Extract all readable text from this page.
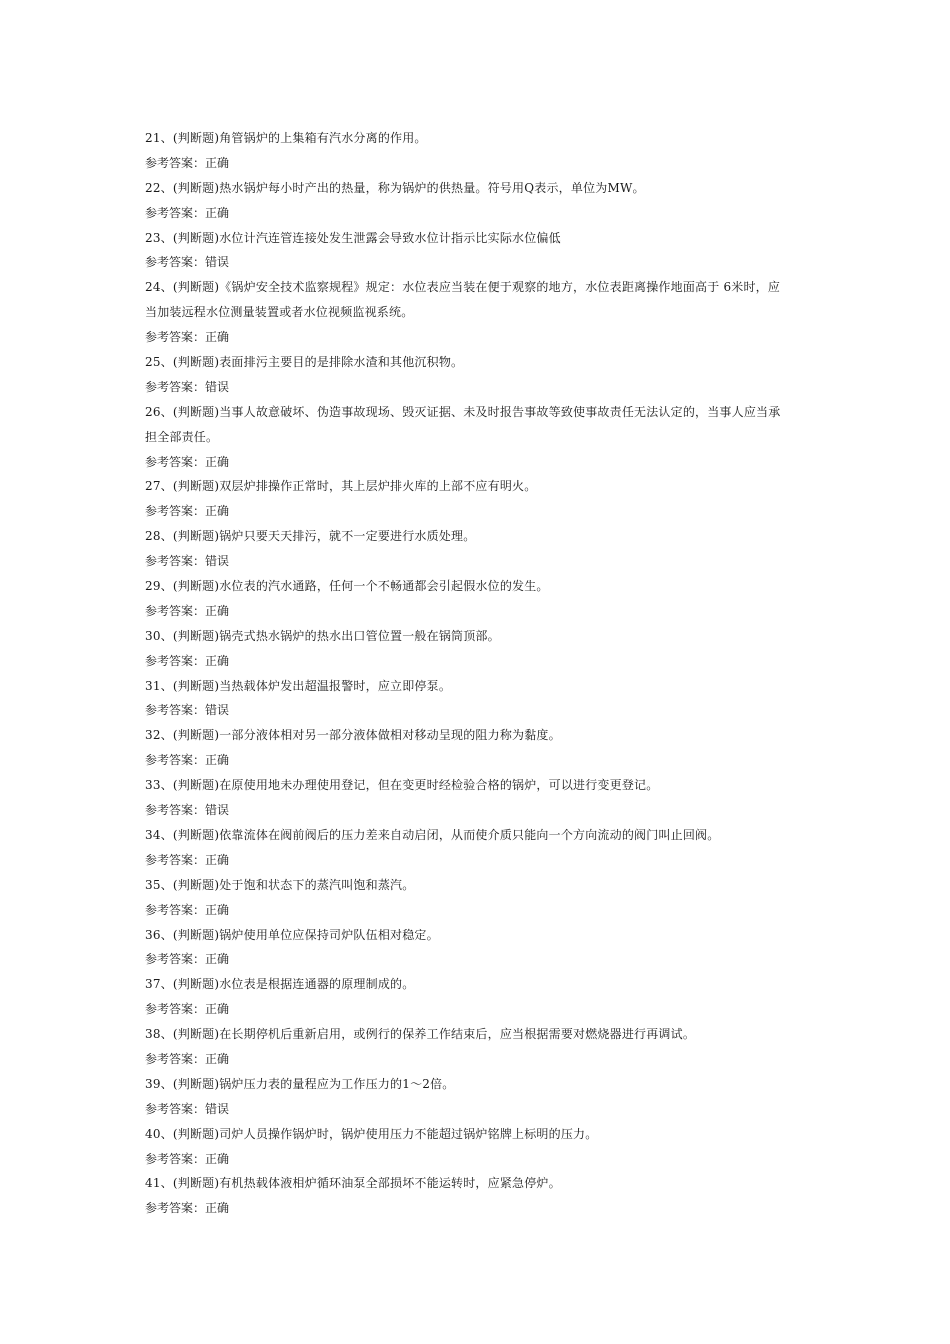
21、(判断题)角管锅炉的上集箱有汽水分离的作用。
参考答案：正确
22、(判断题)热水锅炉每小时产出的热量，称为锅炉的供热量。符号用Q表示，单位为MW。
参考答案：正确
23、(判断题)水位计汽连管连接处发生泄露会导致水位计指示比实际水位偏低
参考答案：错误
24、(判断题)《锅炉安全技术监察规程》规定：水位表应当装在便于观察的地方，水位表距离操作地面高于 6米时，应
当加装远程水位测量装置或者水位视频监视系统。
参考答案：正确
25、(判断题)表面排污主要目的是排除水渣和其他沉积物。
参考答案：错误
26、(判断题)当事人故意破坏、伪造事故现场、毁灭证据、未及时报告事故等致使事故责任无法认定的，当事人应当承
担全部责任。
参考答案：正确
27、(判断题)双层炉排操作正常时，其上层炉排火库的上部不应有明火。
参考答案：正确
28、(判断题)锅炉只要天天排污，就不一定要进行水质处理。
参考答案：错误
29、(判断题)水位表的汽水通路，任何一个不畅通都会引起假水位的发生。
参考答案：正确
30、(判断题)锅壳式热水锅炉的热水出口管位置一般在锅筒顶部。
参考答案：正确
31、(判断题)当热载体炉发出超温报警时，应立即停泵。
参考答案：错误
32、(判断题)一部分液体相对另一部分液体做相对移动呈现的阻力称为黏度。
参考答案：正确
33、(判断题)在原使用地未办理使用登记，但在变更时经检验合格的锅炉，可以进行变更登记。
参考答案：错误
34、(判断题)依靠流体在阀前阀后的压力差来自动启闭，从而使介质只能向一个方向流动的阀门叫止回阀。
参考答案：正确
35、(判断题)处于饱和状态下的蒸汽叫饱和蒸汽。
参考答案：正确
36、(判断题)锅炉使用单位应保持司炉队伍相对稳定。
参考答案：正确
37、(判断题)水位表是根据连通器的原理制成的。
参考答案：正确
38、(判断题)在长期停机后重新启用，或例行的保养工作结束后，应当根据需要对燃烧器进行再调试。
参考答案：正确
39、(判断题)锅炉压力表的量程应为工作压力的1～2倍。
参考答案：错误
40、(判断题)司炉人员操作锅炉时，锅炉使用压力不能超过锅炉铭牌上标明的压力。
参考答案：正确
41、(判断题)有机热载体液相炉循环油泵全部损坏不能运转时，应紧急停炉。
参考答案：正确
